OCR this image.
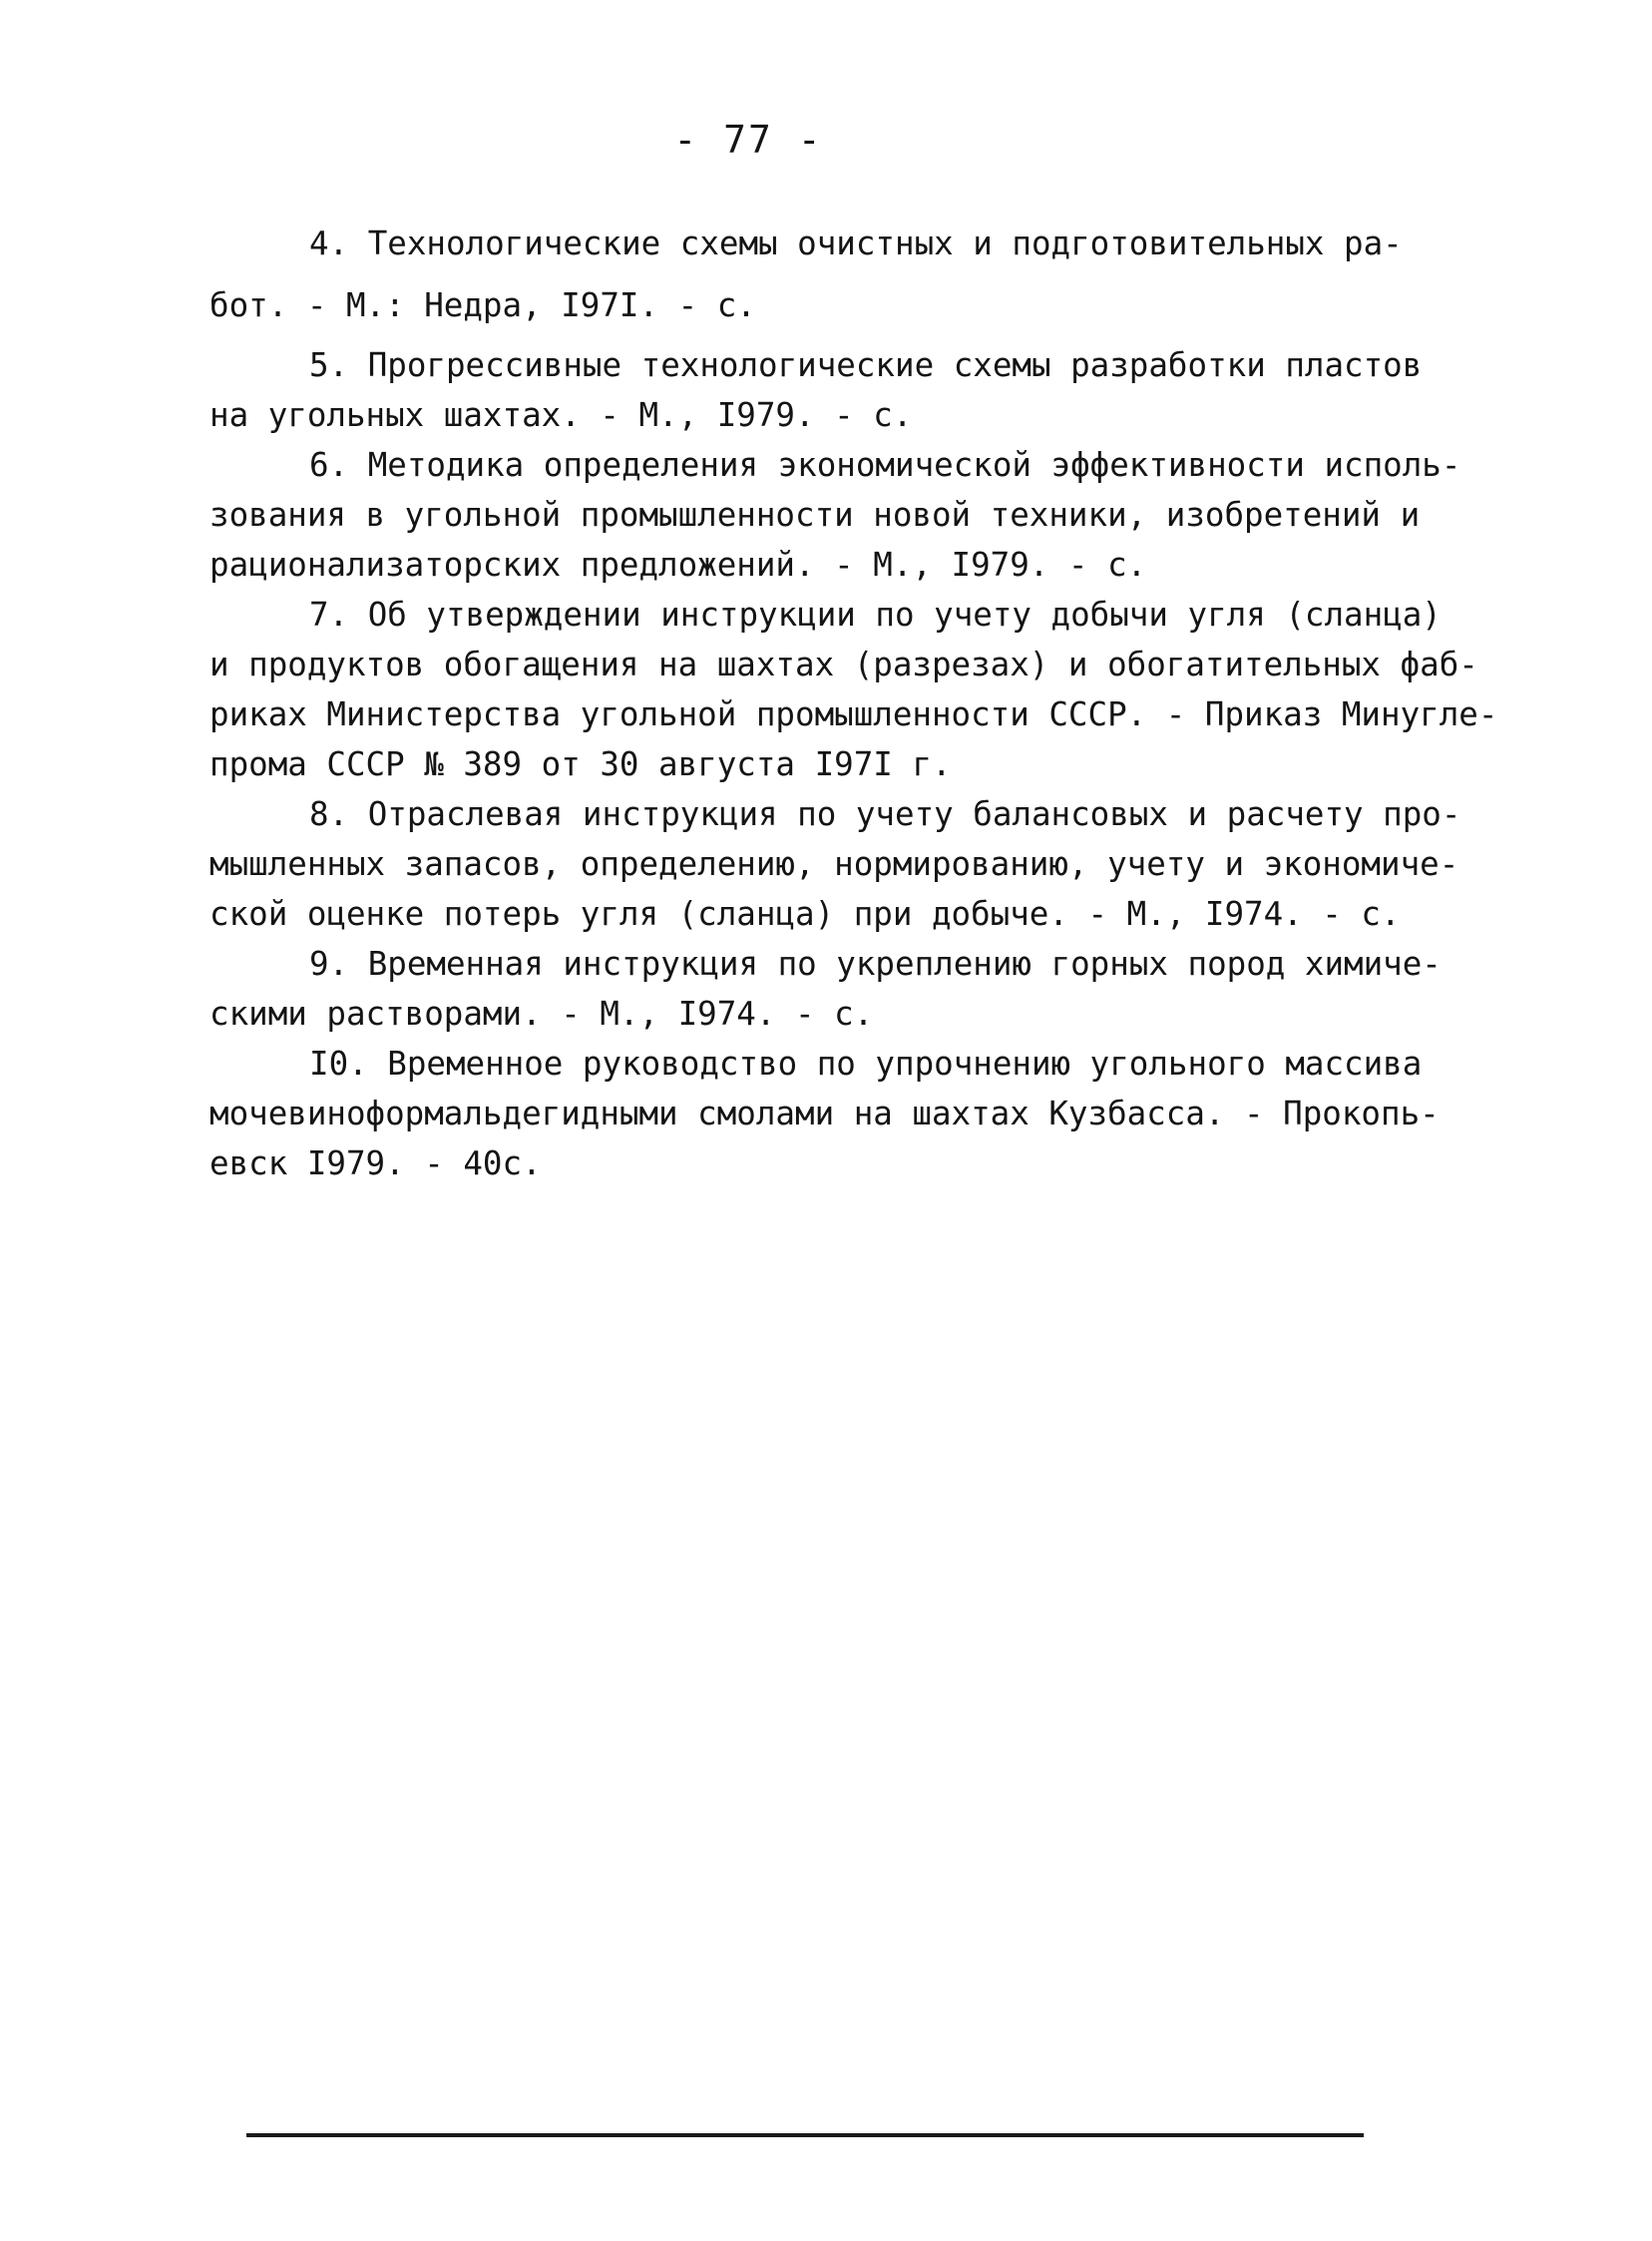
- 77 -
4. Технологические схемы очистных и подготовительных ра-
бот. - М.: Недра, I97I. - с.
5. Прогрессивные технологические схемы разработки пластов
на угольных шахтах. - М., I979. - с.
6. Методика определения экономической эффективности исполь-
зования в угольной промышленности новой техники, изобретений и
рационализаторских предложений. - М., I979. - с.
7. Об утверждении инструкции по учету добычи угля (сланца)
и продуктов обогащения на шахтах (разрезах) и обогатительных фаб-
риках Министерства угольной промышленности СССР. - Приказ Минугле-
прома СССР № 389 от 30 августа I97I г.
8. Отраслевая инструкция по учету балансовых и расчету про-
мышленных запасов, определению, нормированию, учету и экономиче-
ской оценке потерь угля (сланца) при добыче. - М., I974. - с.
9. Временная инструкция по укреплению горных пород химиче-
скими растворами. - М., I974. - с.
I0. Временное руководство по упрочнению угольного массива
мочевиноформальдегидными смолами на шахтах Кузбасса. - Прокопь-
евск I979. - 40с.
